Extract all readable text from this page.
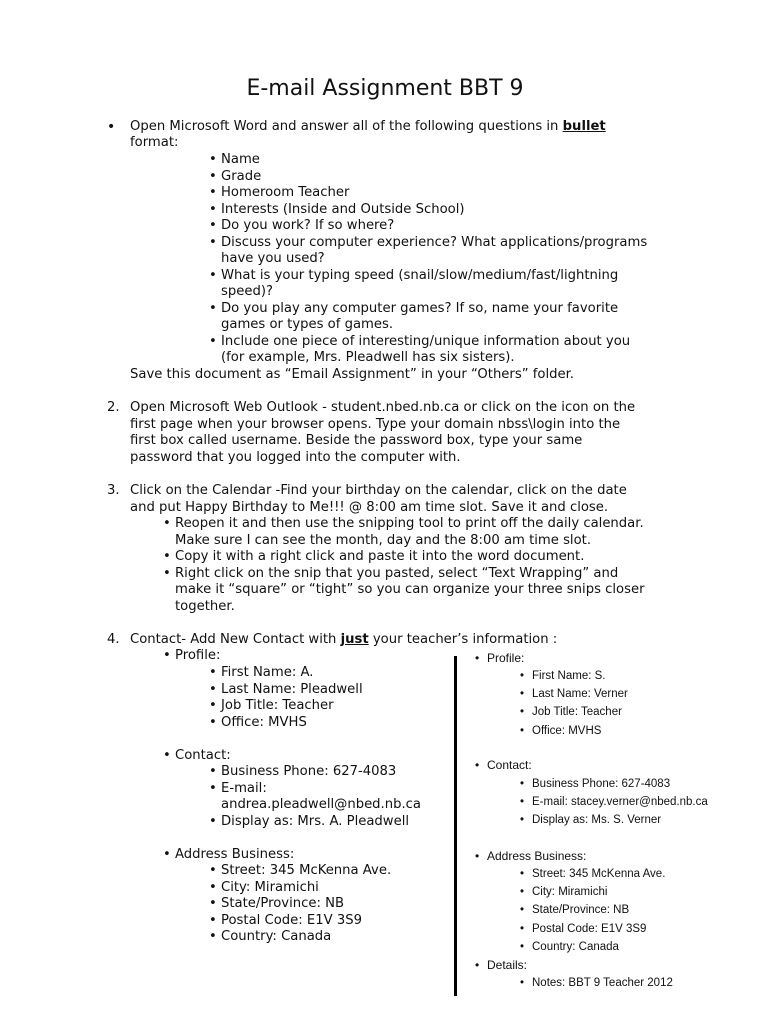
E-mail Assignment BBT 9
• Open Microsoft Word and answer all of the following questions in bullet
format:
• Name
• Grade
• Homeroom Teacher
• Interests (Inside and Outside School)
• Do you work? If so where?
• Discuss your computer experience? What applications/programs
have you used?
• What is your typing speed (snail/slow/medium/fast/lightning
speed)?
• Do you play any computer games? If so, name your favorite
games or types of games.
• Include one piece of interesting/unique information about you
(for example, Mrs. Pleadwell has six sisters).
Save this document as “Email Assignment” in your “Others” folder.
2. Open Microsoft Web Outlook - student.nbed.nb.ca or click on the icon on the
first page when your browser opens. Type your domain nbss\login into the
first box called username. Beside the password box, type your same
password that you logged into the computer with.
3. Click on the Calendar -Find your birthday on the calendar, click on the date
and put Happy Birthday to Me!!! @ 8:00 am time slot. Save it and close.
• Reopen it and then use the snipping tool to print off the daily calendar.
Make sure I can see the month, day and the 8:00 am time slot.
• Copy it with a right click and paste it into the word document.
• Right click on the snip that you pasted, select “Text Wrapping” and
make it “square” or “tight” so you can organize your three snips closer
together.
4. Contact- Add New Contact with just your teacher’s information :
• Profile:
• First Name: A.
• Last Name: Pleadwell
• Job Title: Teacher
• Office: MVHS
• Contact:
• Business Phone: 627-4083
• E-mail:
andrea.pleadwell@nbed.nb.ca
• Display as: Mrs. A. Pleadwell
• Address Business:
• Street: 345 McKenna Ave.
• City: Miramichi
• State/Province: NB
• Postal Code: E1V 3S9
• Country: Canada
• Profile:
• First Name: S.
• Last Name: Verner
• Job Title: Teacher
• Office: MVHS
• Contact:
• Business Phone: 627-4083
• E-mail: stacey.verner@nbed.nb.ca
• Display as: Ms. S. Verner
• Address Business:
• Street: 345 McKenna Ave.
• City: Miramichi
• State/Province: NB
• Postal Code: E1V 3S9
• Country: Canada
• Details:
• Notes: BBT 9 Teacher 2012
